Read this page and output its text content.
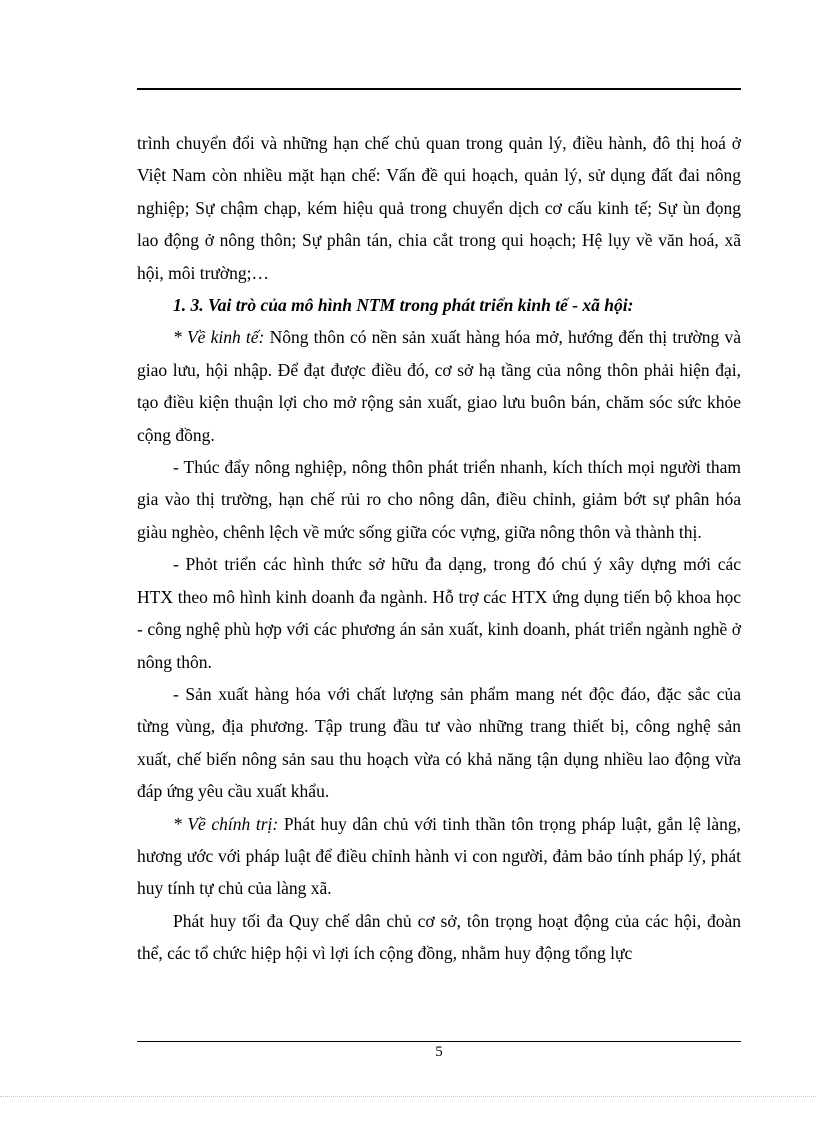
trình chuyển đổi và những hạn chế chủ quan trong quản lý, điều hành, đô thị hoá ở Việt Nam còn nhiều mặt hạn chế: Vấn đề qui hoạch, quản lý, sử dụng đất đai nông nghiệp; Sự chậm chạp, kém hiệu quả trong chuyển dịch cơ cấu kinh tế; Sự ùn đọng lao động ở nông thôn; Sự phân tán, chia cắt trong qui hoạch; Hệ lụy về văn hoá, xã hội, môi trường;…

1. 3. Vai trò của mô hình NTM trong phát triển kinh tế - xã hội:

* Về kinh tế: Nông thôn có nền sản xuất hàng hóa mở, hướng đến thị trường và giao lưu, hội nhập. Để đạt được điều đó, cơ sở hạ tầng của nông thôn phải hiện đại, tạo điều kiện thuận lợi cho mở rộng sản xuất, giao lưu buôn bán, chăm sóc sức khỏe cộng đồng.

- Thúc đẩy nông nghiệp, nông thôn phát triển nhanh, kích thích mọi người tham gia vào thị trường, hạn chế rủi ro cho nông dân, điều chỉnh, giảm bớt sự phân hóa giàu nghèo, chênh lệch về mức sống giữa cóc vựng, giữa nông thôn và thành thị.

- Phỏt triển các hình thức sở hữu đa dạng, trong đó chú ý xây dựng mới các HTX theo mô hình kinh doanh đa ngành. Hỗ trợ các HTX ứng dụng tiến bộ khoa học - công nghệ phù hợp với các phương án sản xuất, kinh doanh, phát triển ngành nghề ở nông thôn.

- Sản xuất hàng hóa với chất lượng sản phẩm mang nét độc đáo, đặc sắc của từng vùng, địa phương. Tập trung đầu tư vào những trang thiết bị, công nghệ sản xuất, chế biến nông sản sau thu hoạch vừa có khả năng tận dụng nhiều lao động vừa đáp ứng yêu cầu xuất khẩu.

* Về chính trị: Phát huy dân chủ với tinh thần tôn trọng pháp luật, gắn lệ làng, hương ước với pháp luật để điều chỉnh hành vi con người, đảm bảo tính pháp lý, phát huy tính tự chủ của làng xã.

Phát huy tối đa Quy chế dân chủ cơ sở, tôn trọng hoạt động của các hội, đoàn thể, các tổ chức hiệp hội vì lợi ích cộng đồng, nhằm huy động tổng lực

5
